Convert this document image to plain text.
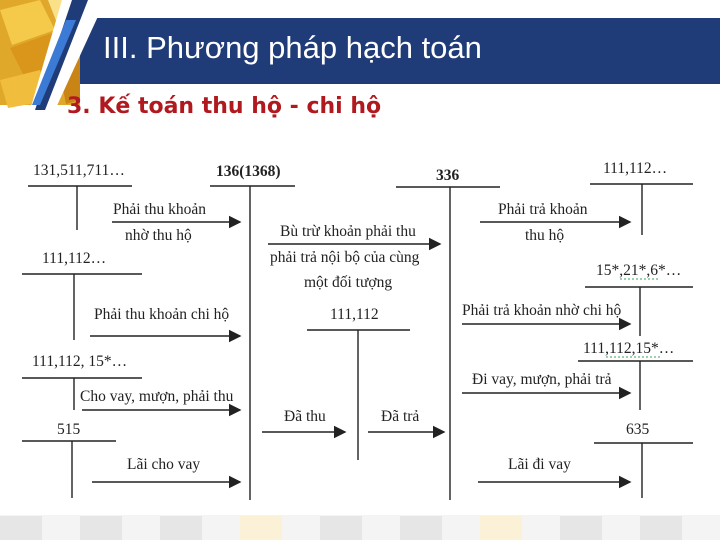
III. Phương pháp hạch toán
3. Kế toán thu hộ - chi hộ
131,511,711…	136(1368)	336	111,112…
111,112…
15*,21*,6*…
111,112
111,112, 15*…
111,112,15*…
515	635
Phải thu khoản
nhờ thu hộ	Bù trừ khoản phải thu
phải trả nội bộ của cùng
một đối tượng
Phải trả khoản
thu hộ
Phải thu khoản chi hộ	Phải trả khoản nhờ chi hộ
Cho vay, mượn, phải thu
Đi vay, mượn, phải trả
Đã thu	Đã trả
Lãi cho vay	Lãi đi vay
